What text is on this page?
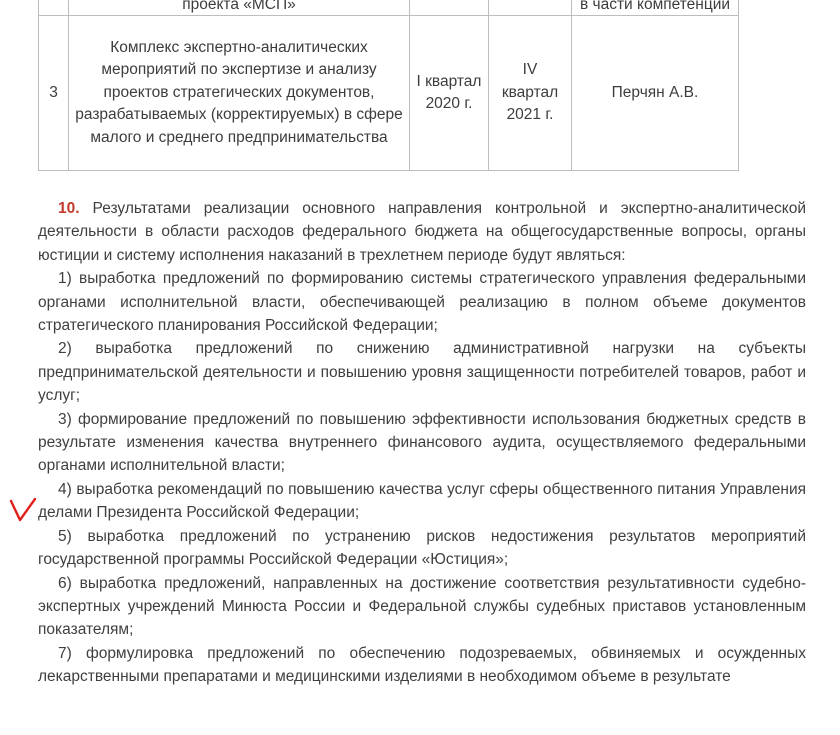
	проекта «МСП»			в части компетенции
3	Комплекс экспертно-аналитических мероприятий по экспертизе и анализу проектов стратегических документов, разрабатываемых (корректируемых) в сфере малого и среднего предпринимательства	I квартал 2020 г.	IV квартал 2021 г.	Перчян А.В.

10. Результатами реализации основного направления контрольной и экспертно-аналитической деятельности в области расходов федерального бюджета на общегосударственные вопросы, органы юстиции и систему исполнения наказаний в трехлетнем периоде будут являться:

1) выработка предложений по формированию системы стратегического управления федеральными органами исполнительной власти, обеспечивающей реализацию в полном объеме документов стратегического планирования Российской Федерации;

2) выработка предложений по снижению административной нагрузки на субъекты предпринимательской деятельности и повышению уровня защищенности потребителей товаров, работ и услуг;

3) формирование предложений по повышению эффективности использования бюджетных средств в результате изменения качества внутреннего финансового аудита, осуществляемого федеральными органами исполнительной власти;

4) выработка рекомендаций по повышению качества услуг сферы общественного питания Управления делами Президента Российской Федерации;

5) выработка предложений по устранению рисков недостижения результатов мероприятий государственной программы Российской Федерации «Юстиция»;

6) выработка предложений, направленных на достижение соответствия результативности судебно-экспертных учреждений Минюста России и Федеральной службы судебных приставов установленным показателям;

7) формулировка предложений по обеспечению подозреваемых, обвиняемых и осужденных лекарственными препаратами и медицинскими изделиями в необходимом объеме в результате
